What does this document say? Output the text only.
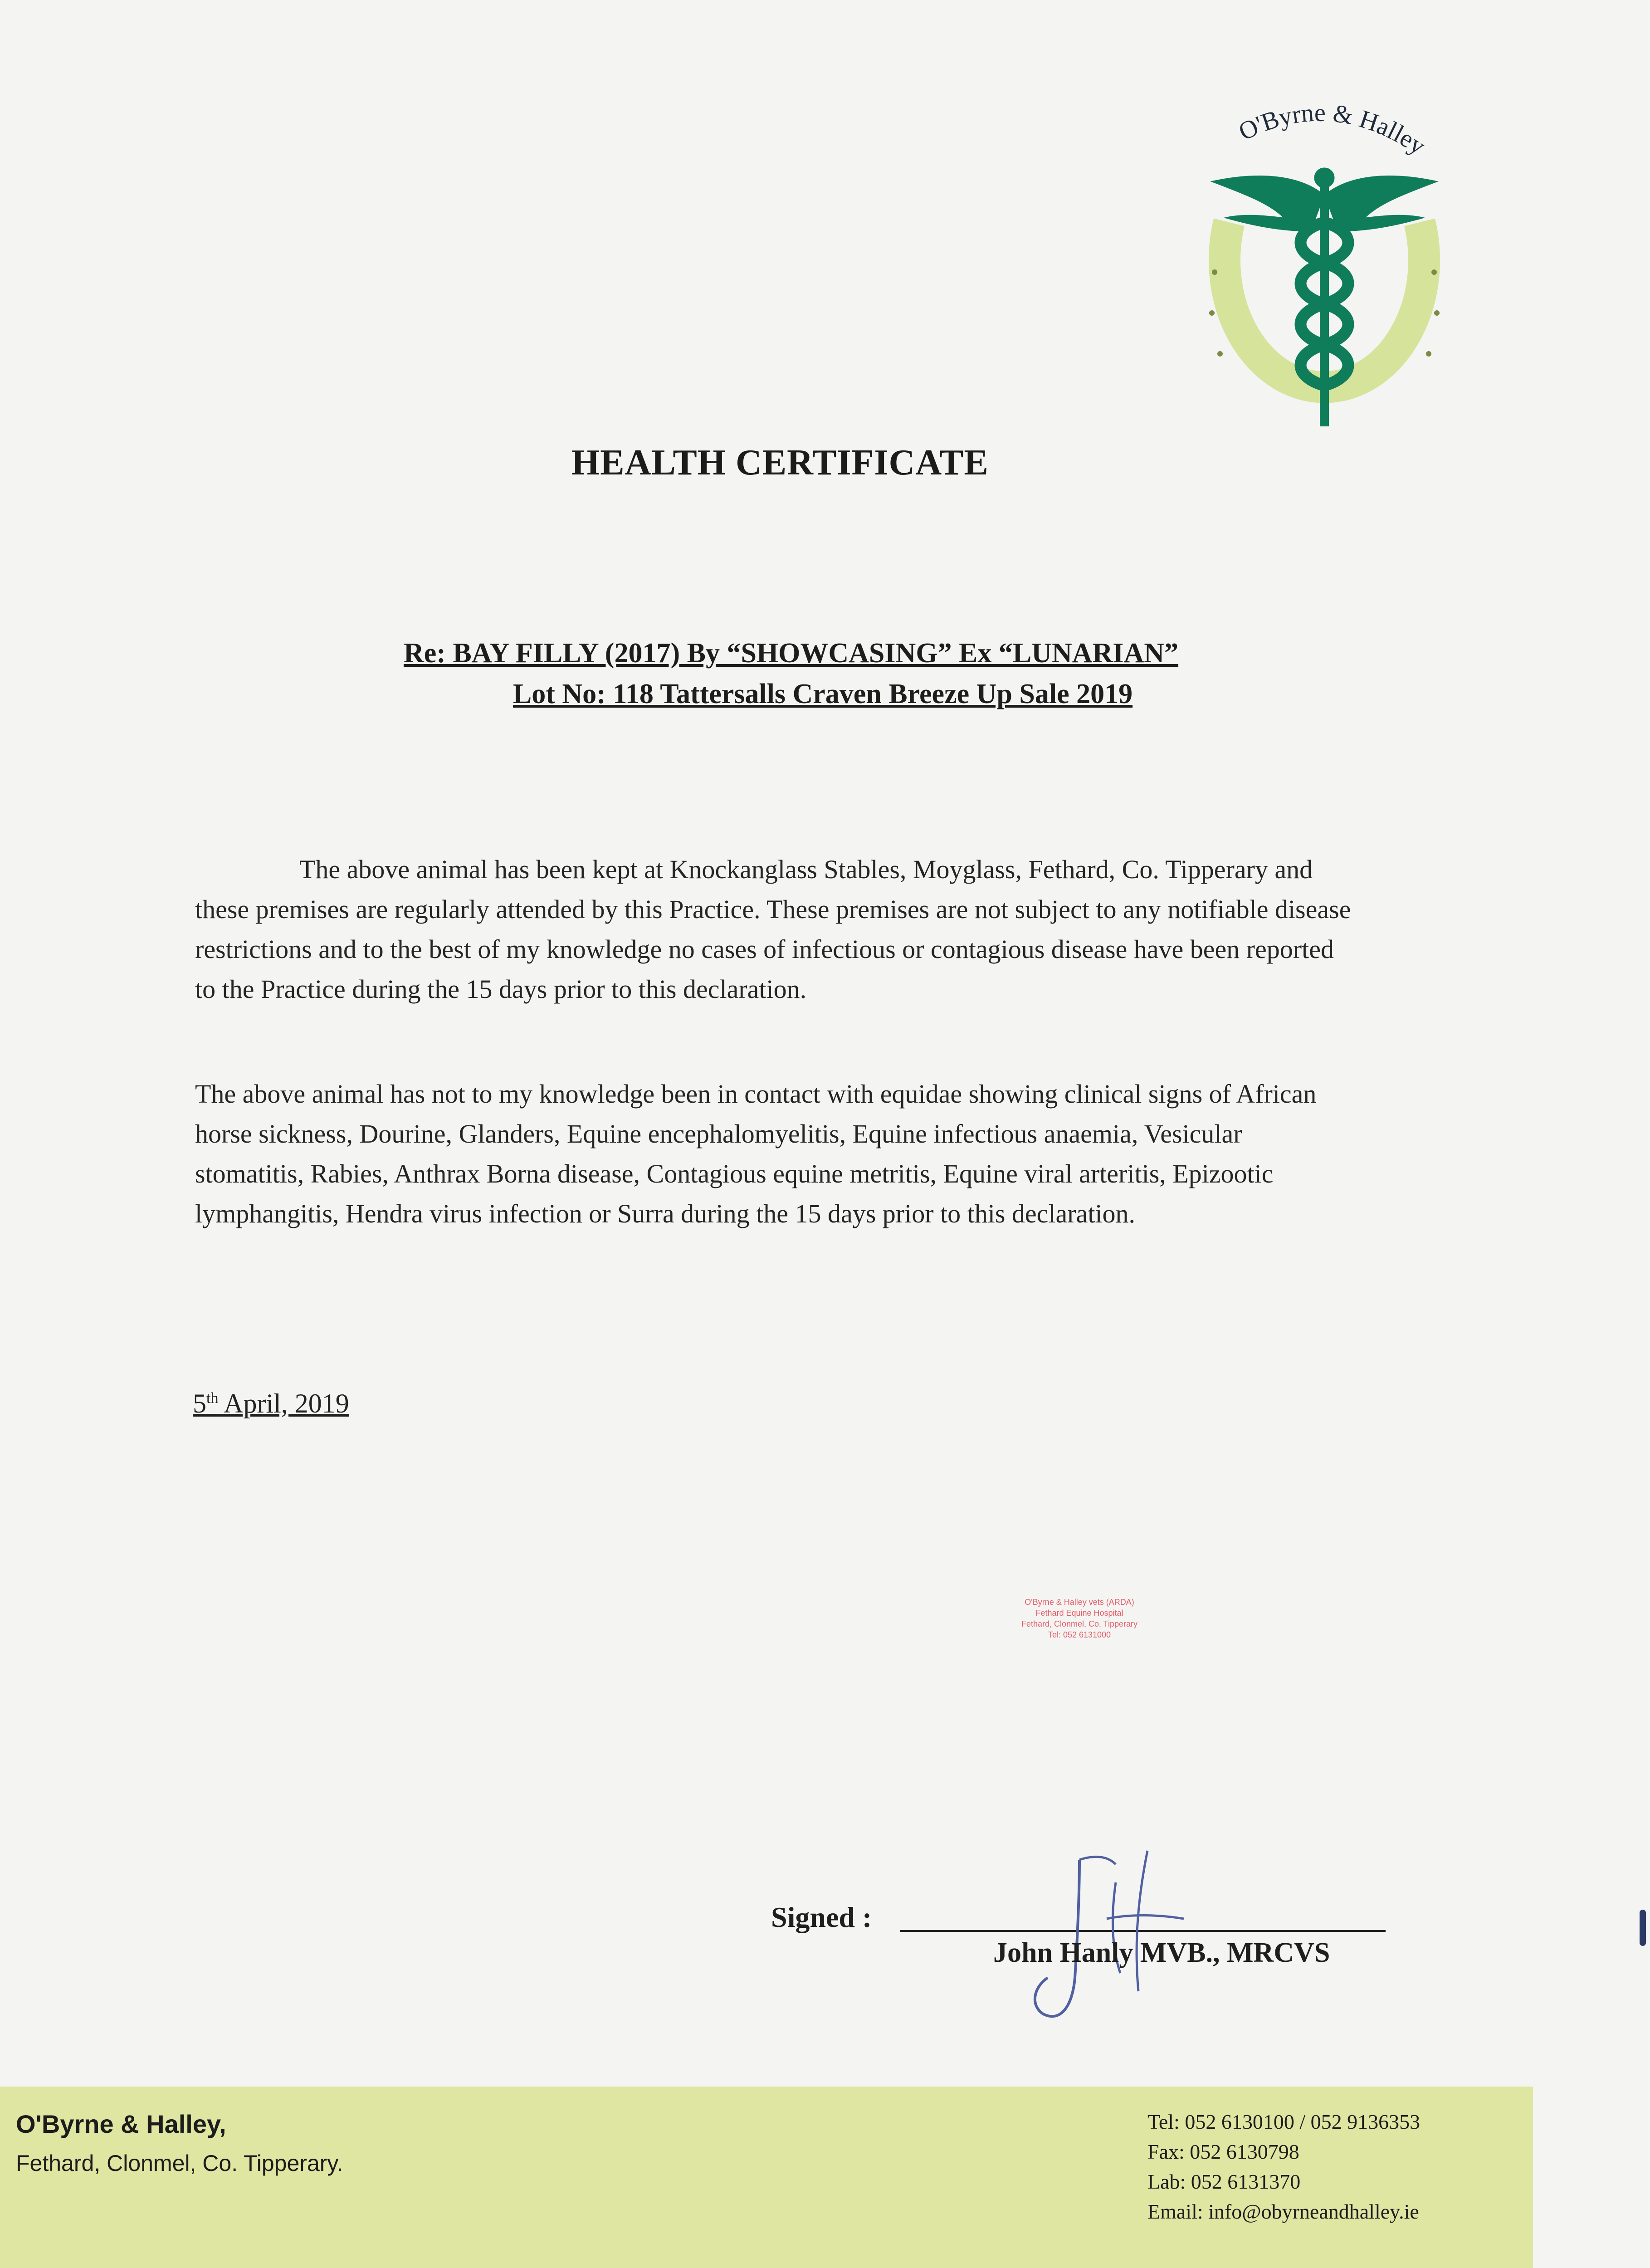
O'Byrne & Halley
HEALTH CERTIFICATE
Re: BAY FILLY (2017) By “SHOWCASING” Ex “LUNARIAN”
Lot No: 118 Tattersalls Craven Breeze Up Sale 2019

The above animal has been kept at Knockanglass Stables, Moyglass, Fethard, Co. Tipperary and these premises are regularly attended by this Practice. These premises are not subject to any notifiable disease restrictions and to the best of my knowledge no cases of infectious or contagious disease have been reported to the Practice during the 15 days prior to this declaration.

The above animal has not to my knowledge been in contact with equidae showing clinical signs of African horse sickness, Dourine, Glanders, Equine encephalomyelitis, Equine infectious anaemia, Vesicular stomatitis, Rabies, Anthrax Borna disease, Contagious equine metritis, Equine viral arteritis, Epizootic lymphangitis, Hendra virus infection or Surra during the 15 days prior to this declaration.

5th April, 2019
O'Byrne & Halley vets (ARDA)
Fethard Equine Hospital
Fethard, Clonmel, Co. Tipperary
Tel: 052 6131000
Signed :
John Hanly MVB., MRCVS
O'Byrne & Halley,
Fethard, Clonmel, Co. Tipperary.
Tel: 052 6130100 / 052 9136353
Fax: 052 6130798
Lab: 052 6131370
Email: info@obyrneandhalley.ie
